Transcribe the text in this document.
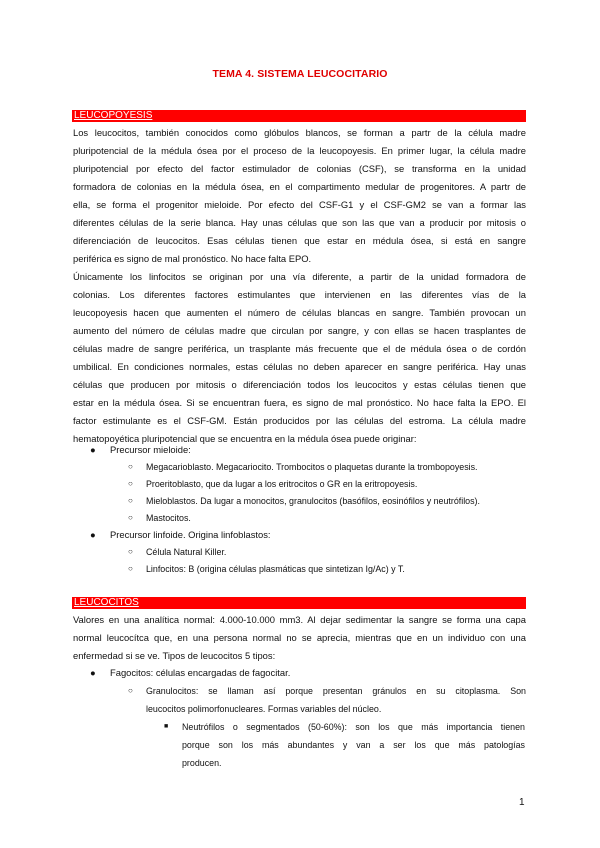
TEMA 4. SISTEMA LEUCOCITARIO
LEUCOPOYESIS
Los leucocitos, también conocidos como glóbulos blancos, se forman a partr de la célula madre
pluripotencial de la médula ósea por el proceso de la leucopoyesis. En primer lugar, la célula madre
pluripotencial por efecto del factor estimulador de colonias (CSF), se transforma en la unidad
formadora de colonias en la médula ósea, en el compartimento medular de progenitores. A partr de
ella, se forma el progenitor mieloide. Por efecto del CSF-G1 y el CSF-GM2 se van a formar las
diferentes células de la serie blanca. Hay unas células que son las que van a producir por mitosis o
diferenciación de leucocitos. Esas células tienen que estar en médula ósea, si está en sangre
periférica es signo de mal pronóstico. No hace falta EPO.
Únicamente los linfocitos se originan por una vía diferente, a partir de la unidad formadora de
colonias. Los diferentes factores estimulantes que intervienen en las diferentes vías de la
leucopoyesis hacen que aumenten el número de células blancas en sangre. También provocan un
aumento del número de células madre que circulan por sangre, y con ellas se hacen trasplantes de
células madre de sangre periférica, un trasplante más frecuente que el de médula ósea o de cordón
umbilical. En condiciones normales, estas células no deben aparecer en sangre periférica. Hay unas
células que producen por mitosis o diferenciación todos los leucocitos y estas células tienen que
estar en la médula ósea. Si se encuentran fuera, es signo de mal pronóstico. No hace falta la EPO. El
factor estimulante es el CSF-GM. Están producidos por las células del estroma. La célula madre
hematopoyética pluripotencial que se encuentra en la médula ósea puede originar:
● Precursor mieloide:
○ Megacarioblasto. Megacariocito. Trombocitos o plaquetas durante la trombopoyesis.
○ Proeritoblasto, que da lugar a los eritrocitos o GR en la eritropoyesis.
○ Mieloblastos. Da lugar a monocitos, granulocitos (basófilos, eosinófilos y neutrófilos).
○ Mastocitos.
● Precursor linfoide. Origina linfoblastos:
○ Célula Natural Killer.
○ Linfocitos: B (origina células plasmáticas que sintetizan Ig/Ac) y T.
LEUCOCITOS
Valores en una analítica normal: 4.000-10.000 mm3. Al dejar sedimentar la sangre se forma una capa
normal leucocítca que, en una persona normal no se aprecia, mientras que en un individuo con una
enfermedad si se ve. Tipos de leucocitos 5 tipos:
● Fagocitos: células encargadas de fagocitar.
○ Granulocitos: se llaman así porque presentan gránulos en su citoplasma. Son
leucocitos polimorfonucleares. Formas variables del núcleo.
■ Neutrófilos o segmentados (50-60%): son los que más importancia tienen
porque son los más abundantes y van a ser los que más patologías
producen.
1
